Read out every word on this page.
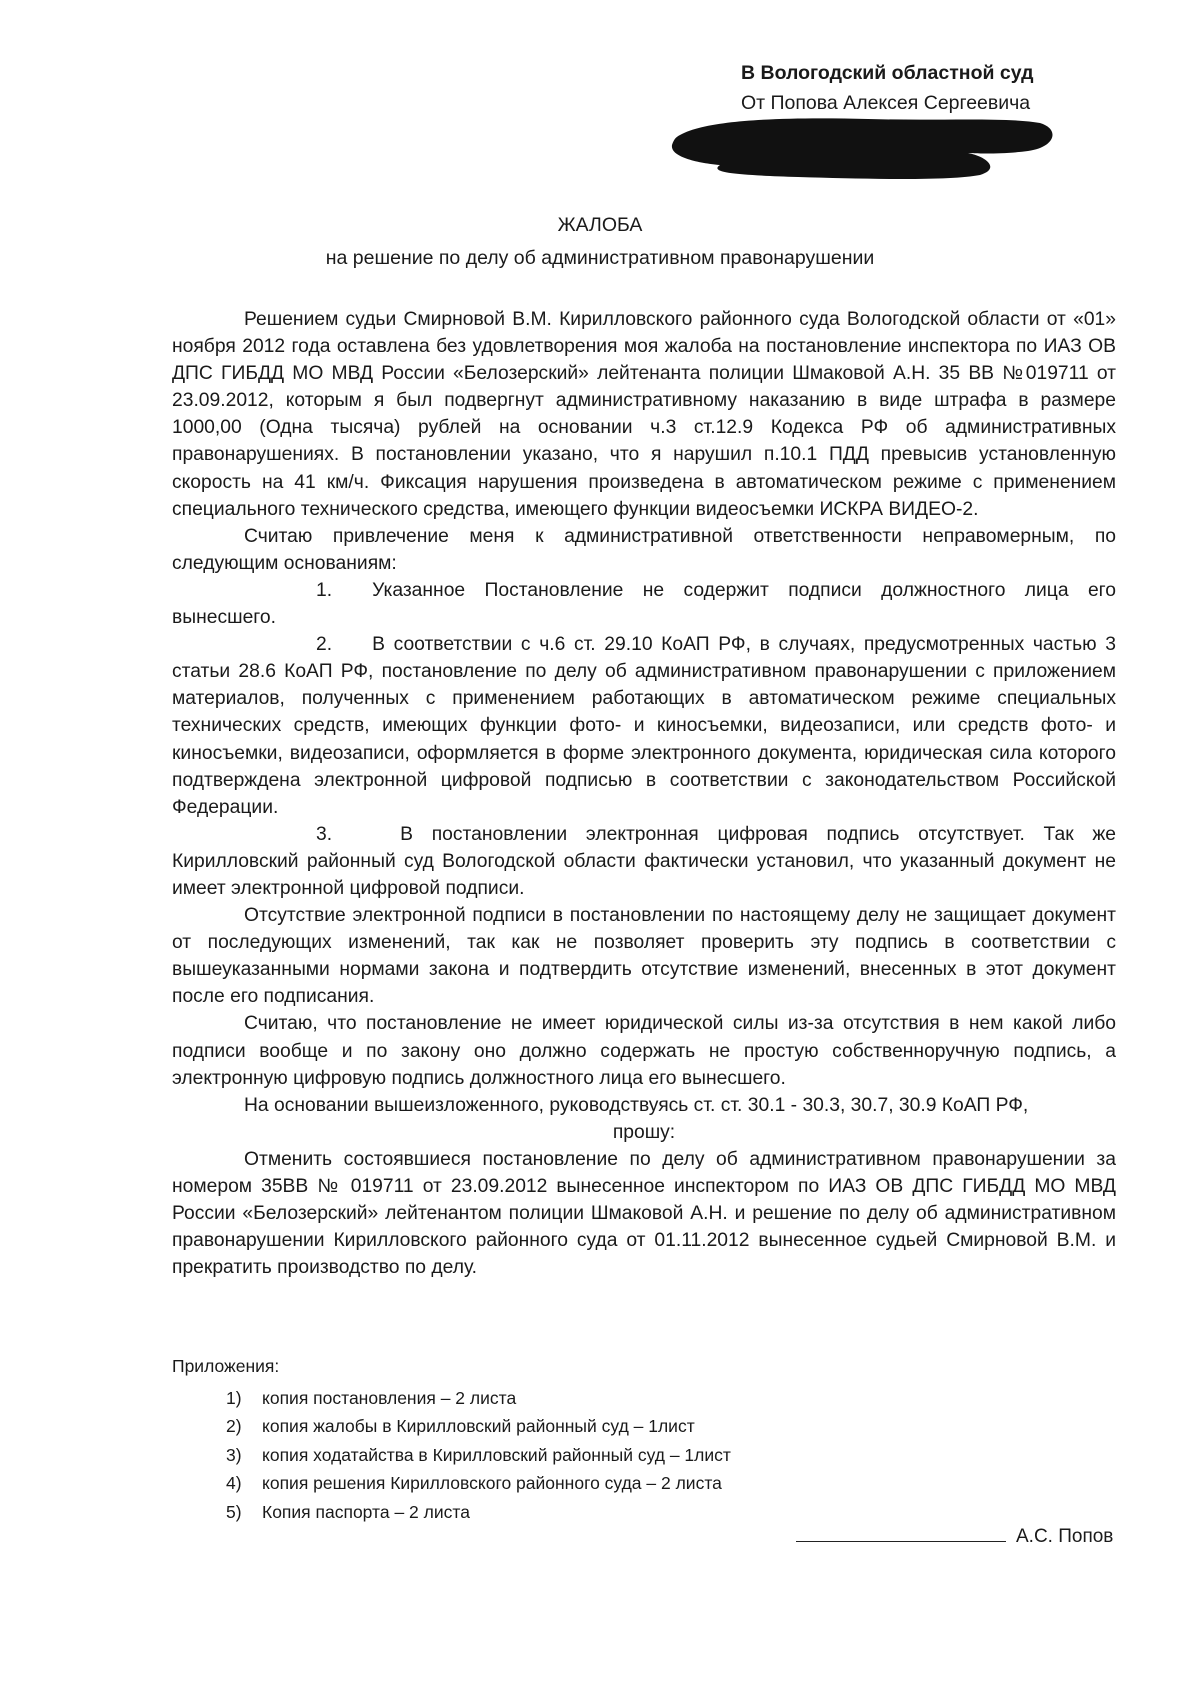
В Вологодский областной суд
От Попова Алексея Сергеевича
ЖАЛОБА
на решение по делу об административном правонарушении

Решением судьи Смирновой В.М. Кирилловского районного суда Вологодской области от «01» ноября 2012 года оставлена без удовлетворения моя жалоба на постановление инспектора по ИАЗ ОВ ДПС ГИБДД МО МВД России «Белозерский» лейтенанта полиции Шмаковой А.Н. 35 ВВ №019711 от 23.09.2012, которым я был подвергнут административному наказанию в виде штрафа в размере 1000,00 (Одна тысяча) рублей на основании ч.3 ст.12.9 Кодекса РФ об административных правонарушениях. В постановлении указано, что я нарушил п.10.1 ПДД превысив установленную скорость на 41 км/ч. Фиксация нарушения произведена в автоматическом режиме с применением специального технического средства, имеющего функции видеосъемки ИСКРА ВИДЕО-2.

Считаю привлечение меня к административной ответственности неправомерным, по следующим основаниям:

1. Указанное Постановление не содержит подписи должностного лица его вынесшего.

2. В соответствии с ч.6 ст. 29.10 КоАП РФ, в случаях, предусмотренных частью 3 статьи 28.6 КоАП РФ, постановление по делу об административном правонарушении с приложением материалов, полученных с применением работающих в автоматическом режиме специальных технических средств, имеющих функции фото- и киносъемки, видеозаписи, или средств фото- и киносъемки, видеозаписи, оформляется в форме электронного документа, юридическая сила которого подтверждена электронной цифровой подписью в соответствии с законодательством Российской Федерации.

3.	В постановлении электронная цифровая подпись отсутствует. Так же Кирилловский районный суд Вологодской области фактически установил, что указанный документ не имеет электронной цифровой подписи.

Отсутствие электронной подписи в постановлении по настоящему делу не защищает документ от последующих изменений, так как не позволяет проверить эту подпись в соответствии с вышеуказанными нормами закона и подтвердить отсутствие изменений, внесенных в этот документ после его подписания.

Считаю, что постановление не имеет юридической силы из-за отсутствия в нем какой либо подписи вообще и по закону оно должно содержать не простую собственноручную подпись, а электронную цифровую подпись должностного лица его вынесшего.

На основании вышеизложенного, руководствуясь ст. ст. 30.1 - 30.3, 30.7, 30.9 КоАП РФ,

прошу:

Отменить состоявшиеся постановление по делу об административном правонарушении за номером 35ВВ № 019711 от 23.09.2012 вынесенное инспектором по ИАЗ ОВ ДПС ГИБДД МО МВД России «Белозерский» лейтенантом полиции Шмаковой А.Н. и решение по делу об административном правонарушении Кирилловского районного суда от 01.11.2012 вынесенное судьей Смирновой В.М. и прекратить производство по делу.

Приложения:
1)	копия постановления – 2 листа
2)	копия жалобы в Кирилловский районный суд – 1лист
3)	копия ходатайства в Кирилловский районный суд – 1лист
4)	копия решения Кирилловского районного суда – 2 листа
5)	Копия паспорта – 2 листа
А.С. Попов
